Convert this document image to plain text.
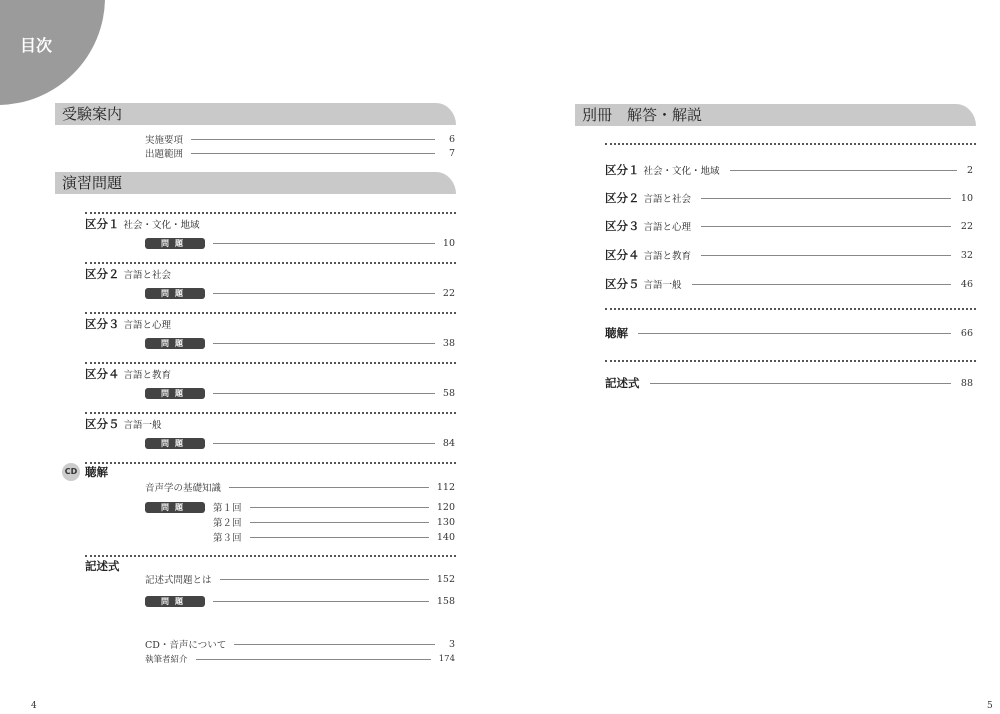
目次
受験案内
実施要項	6
出題範囲	7
演習問題
区分１ 社会・文化・地域
問題	10
区分２ 言語と社会
問題	22
区分３ 言語と心理
問題	38
区分４ 言語と教育
問題	58
区分５ 言語一般
問題	84
CD 聴解
音声学の基礎知識	112
問題	第１回	120
第２回	130
第３回	140
記述式
記述式問題とは	152
問題	158
CD・音声について	3
執筆者紹介	174
4
別冊　解答・解説
区分１ 社会・文化・地域	2
区分２ 言語と社会	10
区分３ 言語と心理	22
区分４ 言語と教育	32
区分５ 言語一般	46
聴解	66
記述式	88
5
